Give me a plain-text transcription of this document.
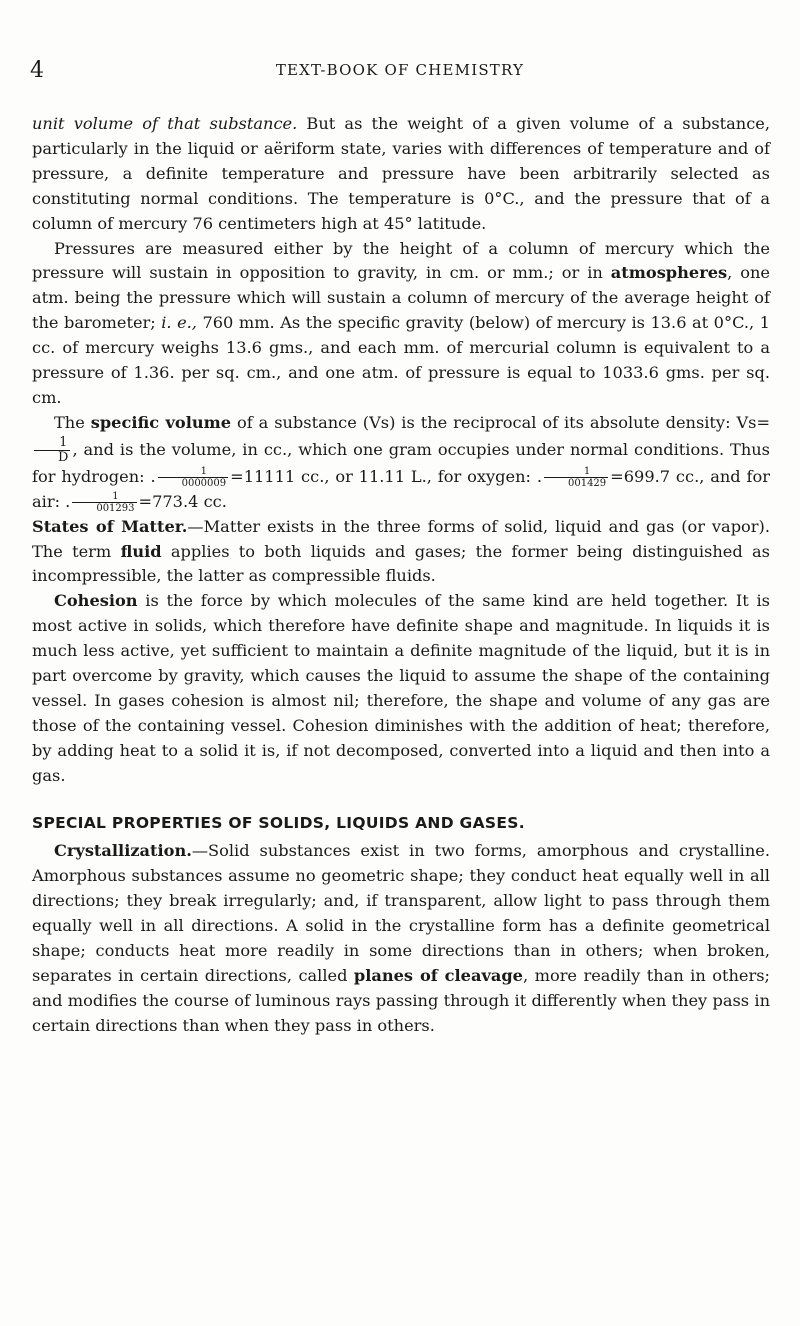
4	TEXT-BOOK OF CHEMISTRY

unit volume of that substance. But as the weight of a given volume of a substance, particularly in the liquid or aëriform state, varies with differences of temperature and of pressure, a definite temperature and pressure have been arbitrarily selected as constituting normal conditions. The temperature is 0°C., and the pressure that of a column of mercury 76 centimeters high at 45° latitude.

Pressures are measured either by the height of a column of mercury which the pressure will sustain in opposition to gravity, in cm. or mm.; or in atmospheres, one atm. being the pressure which will sustain a column of mercury of the average height of the barometer; i. e., 760 mm. As the specific gravity (below) of mercury is 13.6 at 0°C., 1 cc. of mercury weighs 13.6 gms., and each mm. of mercurial column is equivalent to a pressure of 1.36. per sq. cm., and one atm. of pressure is equal to 1033.6 gms. per sq. cm.

The specific volume of a substance (Vs) is the reciprocal of its absolute density: Vs=
$\frac{1}{D}$ , and is the volume, in cc., which one gram occupies under normal conditions. Thus for hydrogen: . $\frac{1}{0000009} =11111$ cc., or 11.11 L., for oxygen: . $\frac{1}{001429} =699.7$ cc., and for air: . $\frac{1}{001293} =773.4$ cc.

States of Matter.—Matter exists in the three forms of solid, liquid and gas (or vapor). The term fluid applies to both liquids and gases; the former being distinguished as incompressible, the latter as compressible fluids.

Cohesion is the force by which molecules of the same kind are held together. It is most active in solids, which therefore have definite shape and magnitude. In liquids it is much less active, yet sufficient to maintain a definite magnitude of the liquid, but it is in part overcome by gravity, which causes the liquid to assume the shape of the containing vessel. In gases cohesion is almost nil; therefore, the shape and volume of any gas are those of the containing vessel. Cohesion diminishes with the addition of heat; therefore, by adding heat to a solid it is, if not decomposed, converted into a liquid and then into a gas.

SPECIAL PROPERTIES OF SOLIDS, LIQUIDS AND GASES.

Crystallization.—Solid substances exist in two forms, amorphous and crystalline. Amorphous substances assume no geometric shape; they conduct heat equally well in all directions; they break irregularly; and, if transparent, allow light to pass through them equally well in all directions. A solid in the crystalline form has a definite geometrical shape; conducts heat more readily in some directions than in others; when broken, separates in certain directions, called planes of cleavage, more readily than in others; and modifies the course of luminous rays passing through it differently when they pass in certain directions than when they pass in others.
